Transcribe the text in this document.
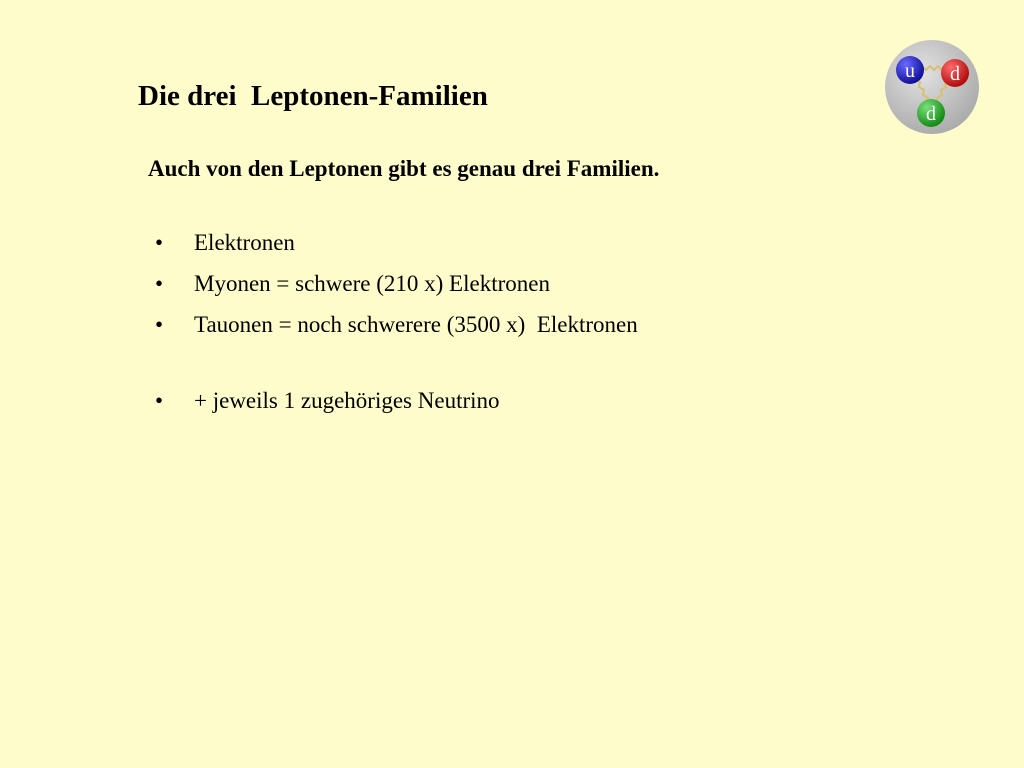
Die drei  Leptonen-Familien
Auch von den Leptonen gibt es genau drei Familien.

•

Elektronen

•

Myonen = schwere (210 x) Elektronen

•

Tauonen = noch schwerere (3500 x)  Elektronen

•

+ jeweils 1 zugehöriges Neutrino

u d
d
